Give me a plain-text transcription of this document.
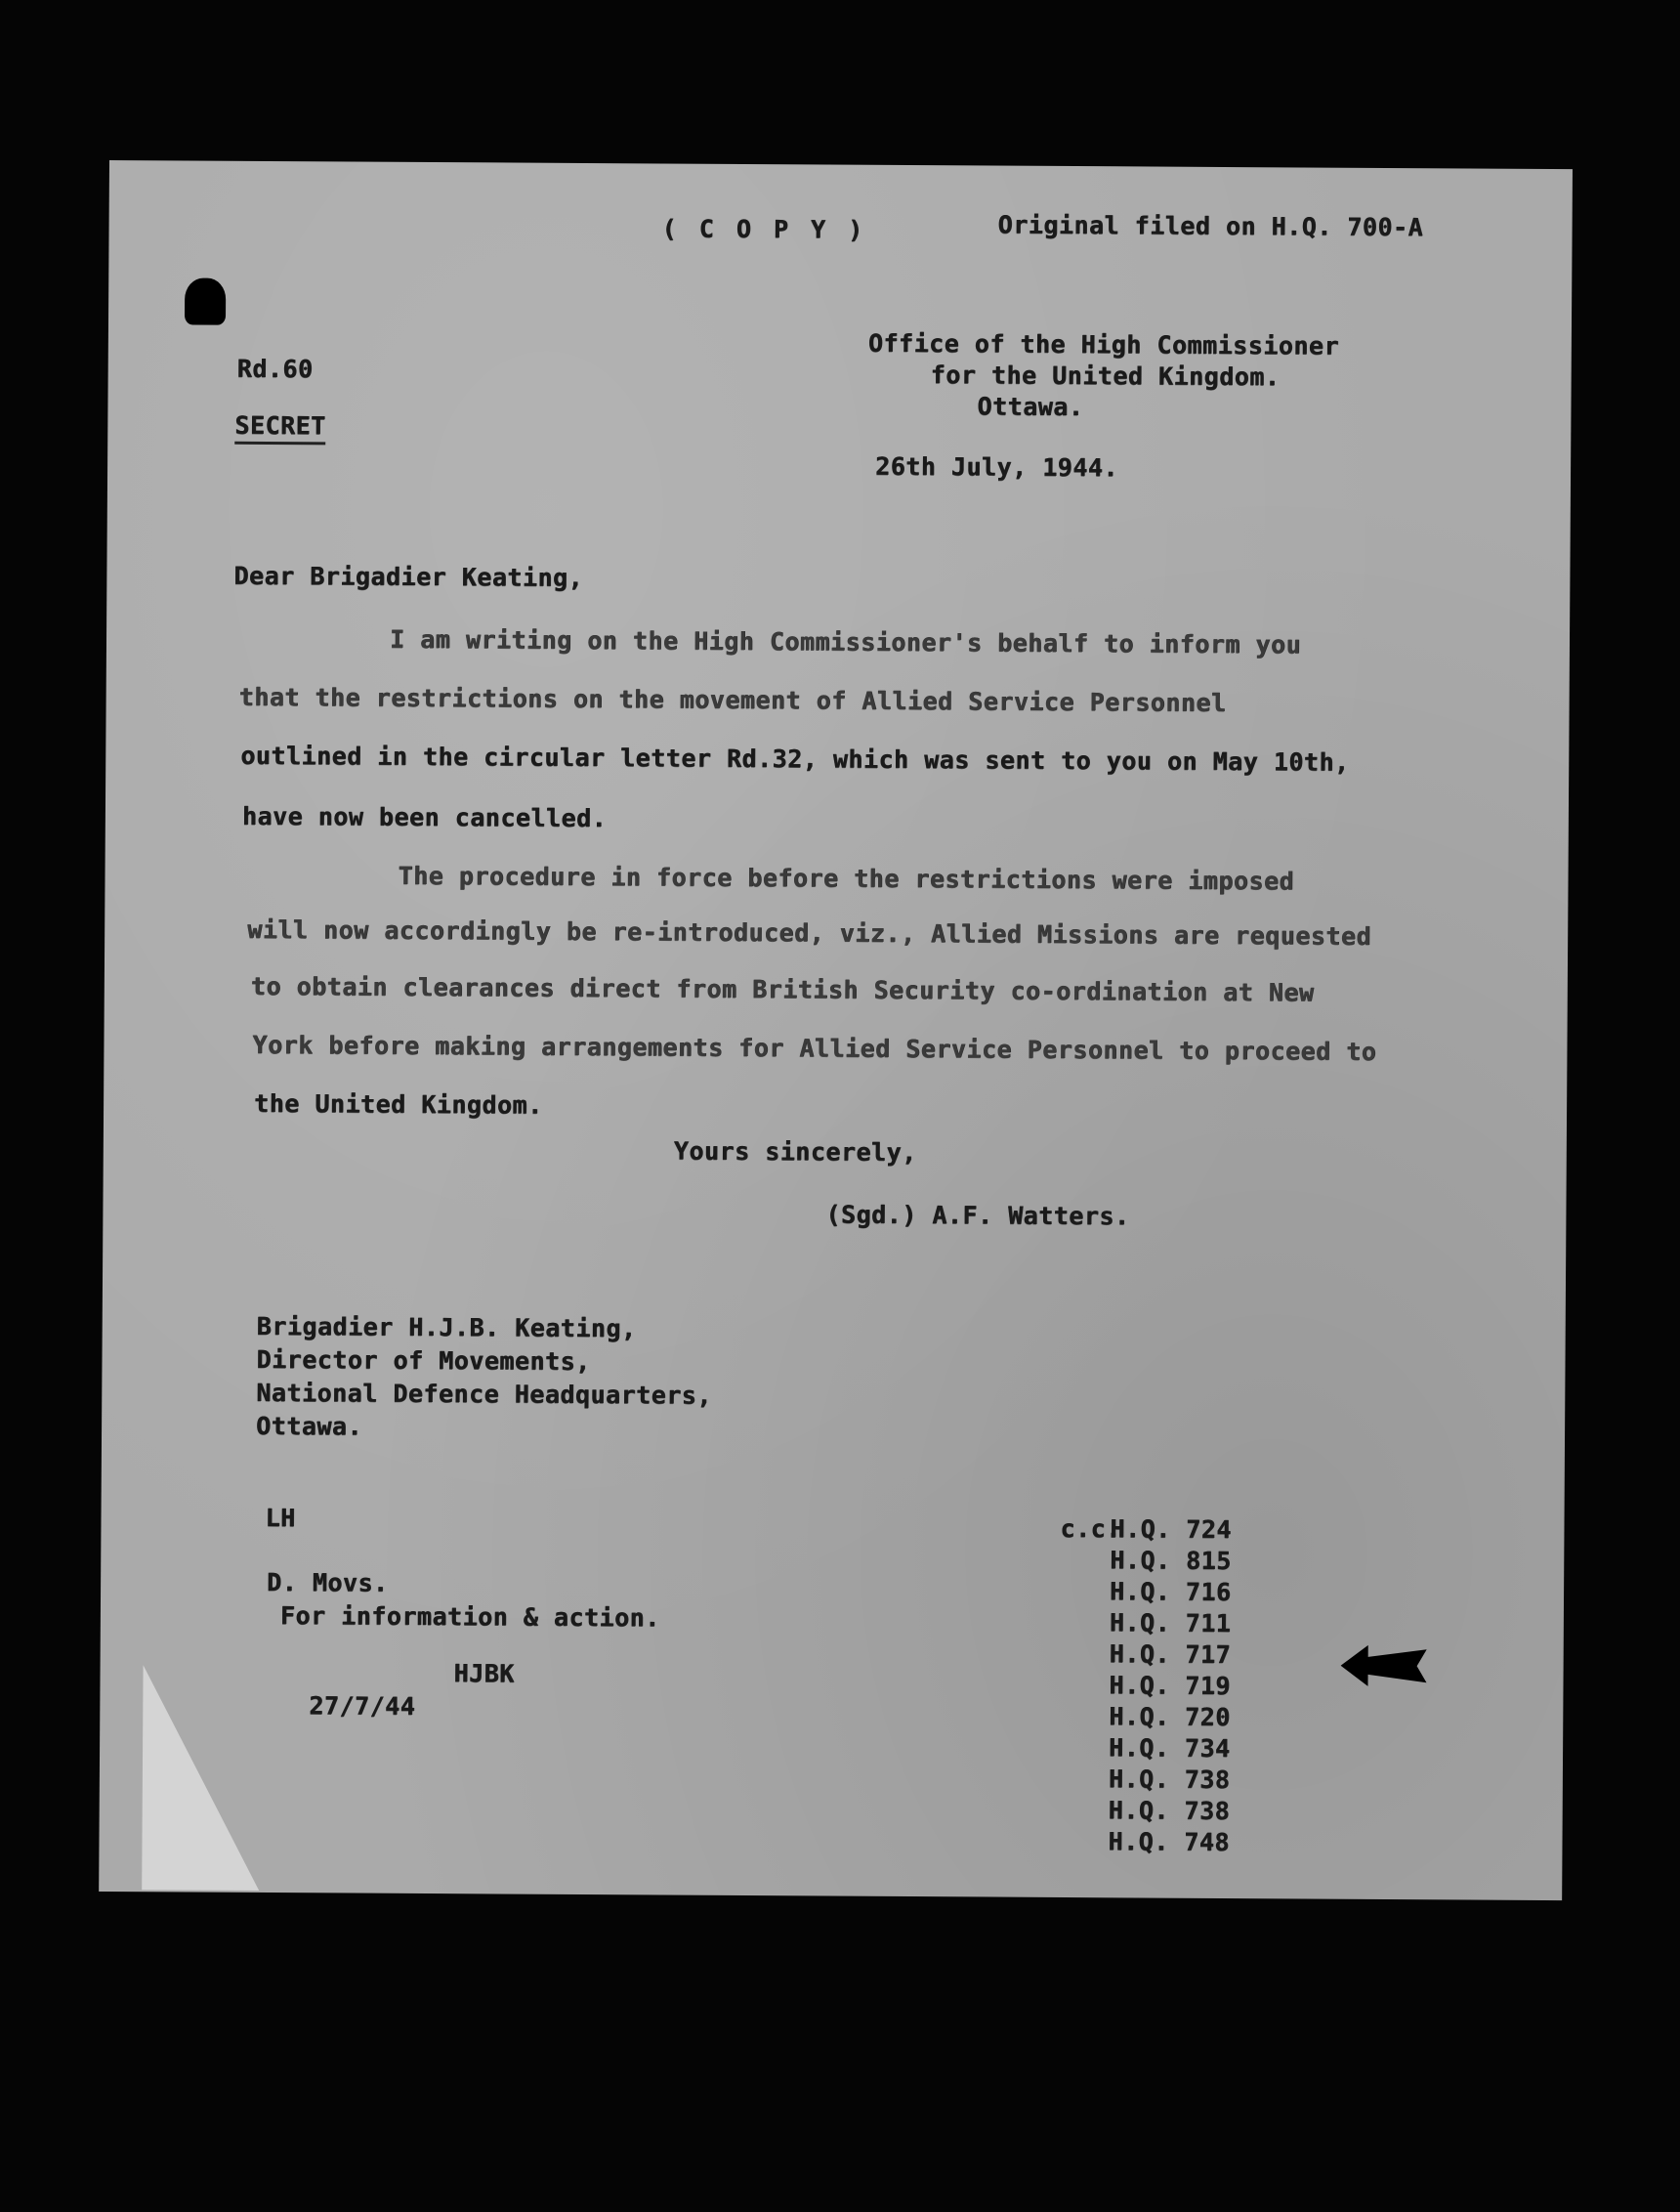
( C O P Y )	Original filed on H.Q. 700-A
Rd.60
SECRET
Office of the High Commissioner
for the United Kingdom.
Ottawa.
26th July, 1944.
Dear Brigadier Keating,
I am writing on the High Commissioner's behalf to inform you
that the restrictions on the movement of Allied Service Personnel
outlined in the circular letter Rd.32, which was sent to you on May 10th,
have now been cancelled.
The procedure in force before the restrictions were imposed
will now accordingly be re-introduced, viz., Allied Missions are requested
to obtain clearances direct from British Security co-ordination at New
York before making arrangements for Allied Service Personnel to proceed to
the United Kingdom.
Yours sincerely,
(Sgd.) A.F. Watters.
Brigadier H.J.B. Keating,
Director of Movements,
National Defence Headquarters,
Ottawa.
LH
D. Movs.
For information & action.
HJBK
27/7/44
c.c.
H.Q. 724
H.Q. 815
H.Q. 716
H.Q. 711
H.Q. 717
H.Q. 719
H.Q. 720
H.Q. 734
H.Q. 738
H.Q. 738
H.Q. 748
